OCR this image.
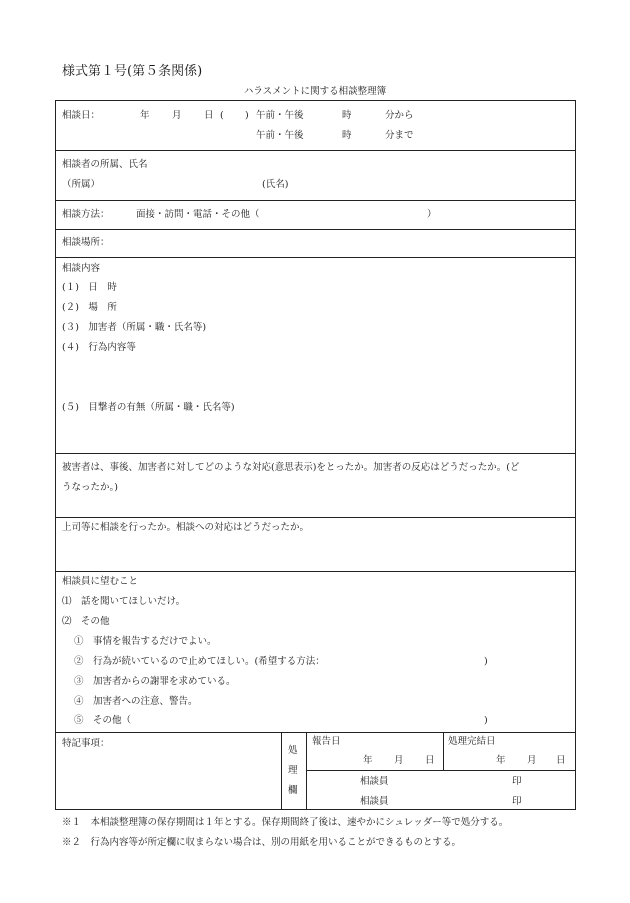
様式第１号(第５条関係)
ハラスメントに関する相談整理簿
相談日：	年 月 日 ( ) 午前・午後	時	分から
午前・午後	時	分まで
相談者の所属、氏名
（所属）	(氏名)
相談方法：	面接・訪問・電話・その他（	）
相談場所：
相談内容
(１)　日　時
(２)　場　所
(３)　加害者（所属・職・氏名等)
(４)　行為内容等
(５)　目撃者の有無（所属・職・氏名等)
被害者は、事後、加害者に対してどのような対応(意思表示)をとったか。加害者の反応はどうだったか。(ど
うなったか。)
上司等に相談を行ったか。相談への対応はどうだったか。
相談員に望むこと
⑴　話を聞いてほしいだけ。
⑵　その他
①　事情を報告するだけでよい。
②　行為が続いているので止めてほしい。(希望する方法：	)
③　加害者からの謝罪を求めている。
④　加害者への注意、警告。
⑤　その他（	)
特記事項：
処
理
欄
報告日
年 月 日
処理完結日
年 月 日
相談員	印
相談員	印
※１　本相談整理簿の保存期間は１年とする。保存期間終了後は、速やかにシュレッダー等で処分する。
※２　行為内容等が所定欄に収まらない場合は、別の用紙を用いることができるものとする。
